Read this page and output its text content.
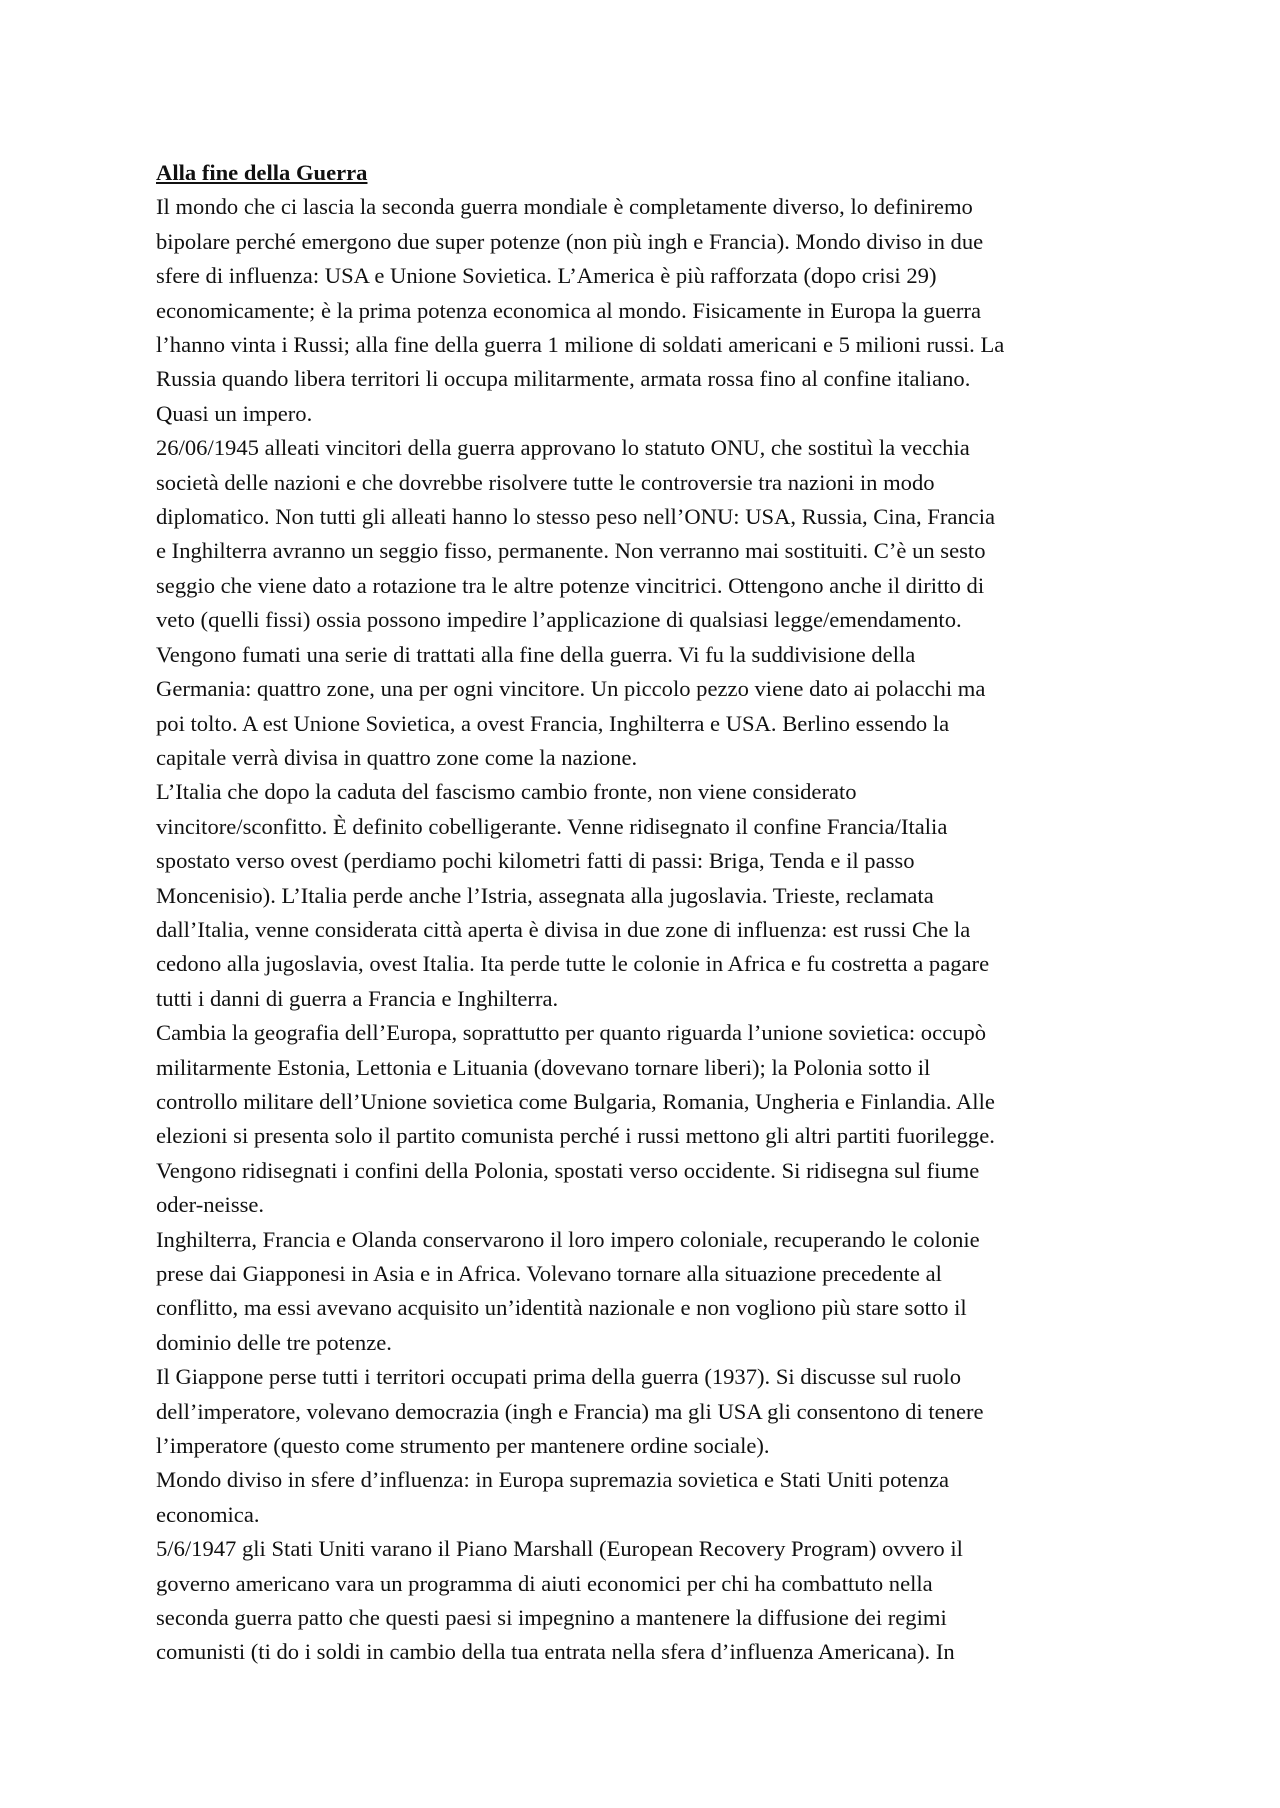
Alla fine della Guerra

Il mondo che ci lascia la seconda guerra mondiale è completamente diverso, lo definiremo
bipolare perché emergono due super potenze (non più ingh e Francia). Mondo diviso in due
sfere di influenza: USA e Unione Sovietica. L’America è più rafforzata (dopo crisi 29)
economicamente; è la prima potenza economica al mondo. Fisicamente in Europa la guerra
l’hanno vinta i Russi; alla fine della guerra 1 milione di soldati americani e 5 milioni russi. La
Russia quando libera territori li occupa militarmente, armata rossa fino al confine italiano.
Quasi un impero.

26/06/1945 alleati vincitori della guerra approvano lo statuto ONU, che sostituì la vecchia
società delle nazioni e che dovrebbe risolvere tutte le controversie tra nazioni in modo
diplomatico. Non tutti gli alleati hanno lo stesso peso nell’ONU: USA, Russia, Cina, Francia
e Inghilterra avranno un seggio fisso, permanente. Non verranno mai sostituiti. C’è un sesto
seggio che viene dato a rotazione tra le altre potenze vincitrici. Ottengono anche il diritto di
veto (quelli fissi) ossia possono impedire l’applicazione di qualsiasi legge/emendamento.
Vengono fumati una serie di trattati alla fine della guerra. Vi fu la suddivisione della
Germania: quattro zone, una per ogni vincitore. Un piccolo pezzo viene dato ai polacchi ma
poi tolto. A est Unione Sovietica, a ovest Francia, Inghilterra e USA. Berlino essendo la
capitale verrà divisa in quattro zone come la nazione.

L’Italia che dopo la caduta del fascismo cambio fronte, non viene considerato
vincitore/sconfitto. È definito cobelligerante. Venne ridisegnato il confine Francia/Italia
spostato verso ovest (perdiamo pochi kilometri fatti di passi: Briga, Tenda e il passo
Moncenisio). L’Italia perde anche l’Istria, assegnata alla jugoslavia. Trieste, reclamata
dall’Italia, venne considerata città aperta è divisa in due zone di influenza: est russi Che la
cedono alla jugoslavia, ovest Italia. Ita perde tutte le colonie in Africa e fu costretta a pagare
tutti i danni di guerra a Francia e Inghilterra.

Cambia la geografia dell’Europa, soprattutto per quanto riguarda l’unione sovietica: occupò
militarmente Estonia, Lettonia e Lituania (dovevano tornare liberi); la Polonia sotto il
controllo militare dell’Unione sovietica come Bulgaria, Romania, Ungheria e Finlandia. Alle
elezioni si presenta solo il partito comunista perché i russi mettono gli altri partiti fuorilegge.
Vengono ridisegnati i confini della Polonia, spostati verso occidente. Si ridisegna sul fiume
oder-neisse.

Inghilterra, Francia e Olanda conservarono il loro impero coloniale, recuperando le colonie
prese dai Giapponesi in Asia e in Africa. Volevano tornare alla situazione precedente al
conflitto, ma essi avevano acquisito un’identità nazionale e non vogliono più stare sotto il
dominio delle tre potenze.

Il Giappone perse tutti i territori occupati prima della guerra (1937). Si discusse sul ruolo
dell’imperatore, volevano democrazia (ingh e Francia) ma gli USA gli consentono di tenere
l’imperatore (questo come strumento per mantenere ordine sociale).

Mondo diviso in sfere d’influenza: in Europa supremazia sovietica e Stati Uniti potenza
economica.

5/6/1947 gli Stati Uniti varano il Piano Marshall (European Recovery Program) ovvero il
governo americano vara un programma di aiuti economici per chi ha combattuto nella
seconda guerra patto che questi paesi si impegnino a mantenere la diffusione dei regimi
comunisti (ti do i soldi in cambio della tua entrata nella sfera d’influenza Americana). In
